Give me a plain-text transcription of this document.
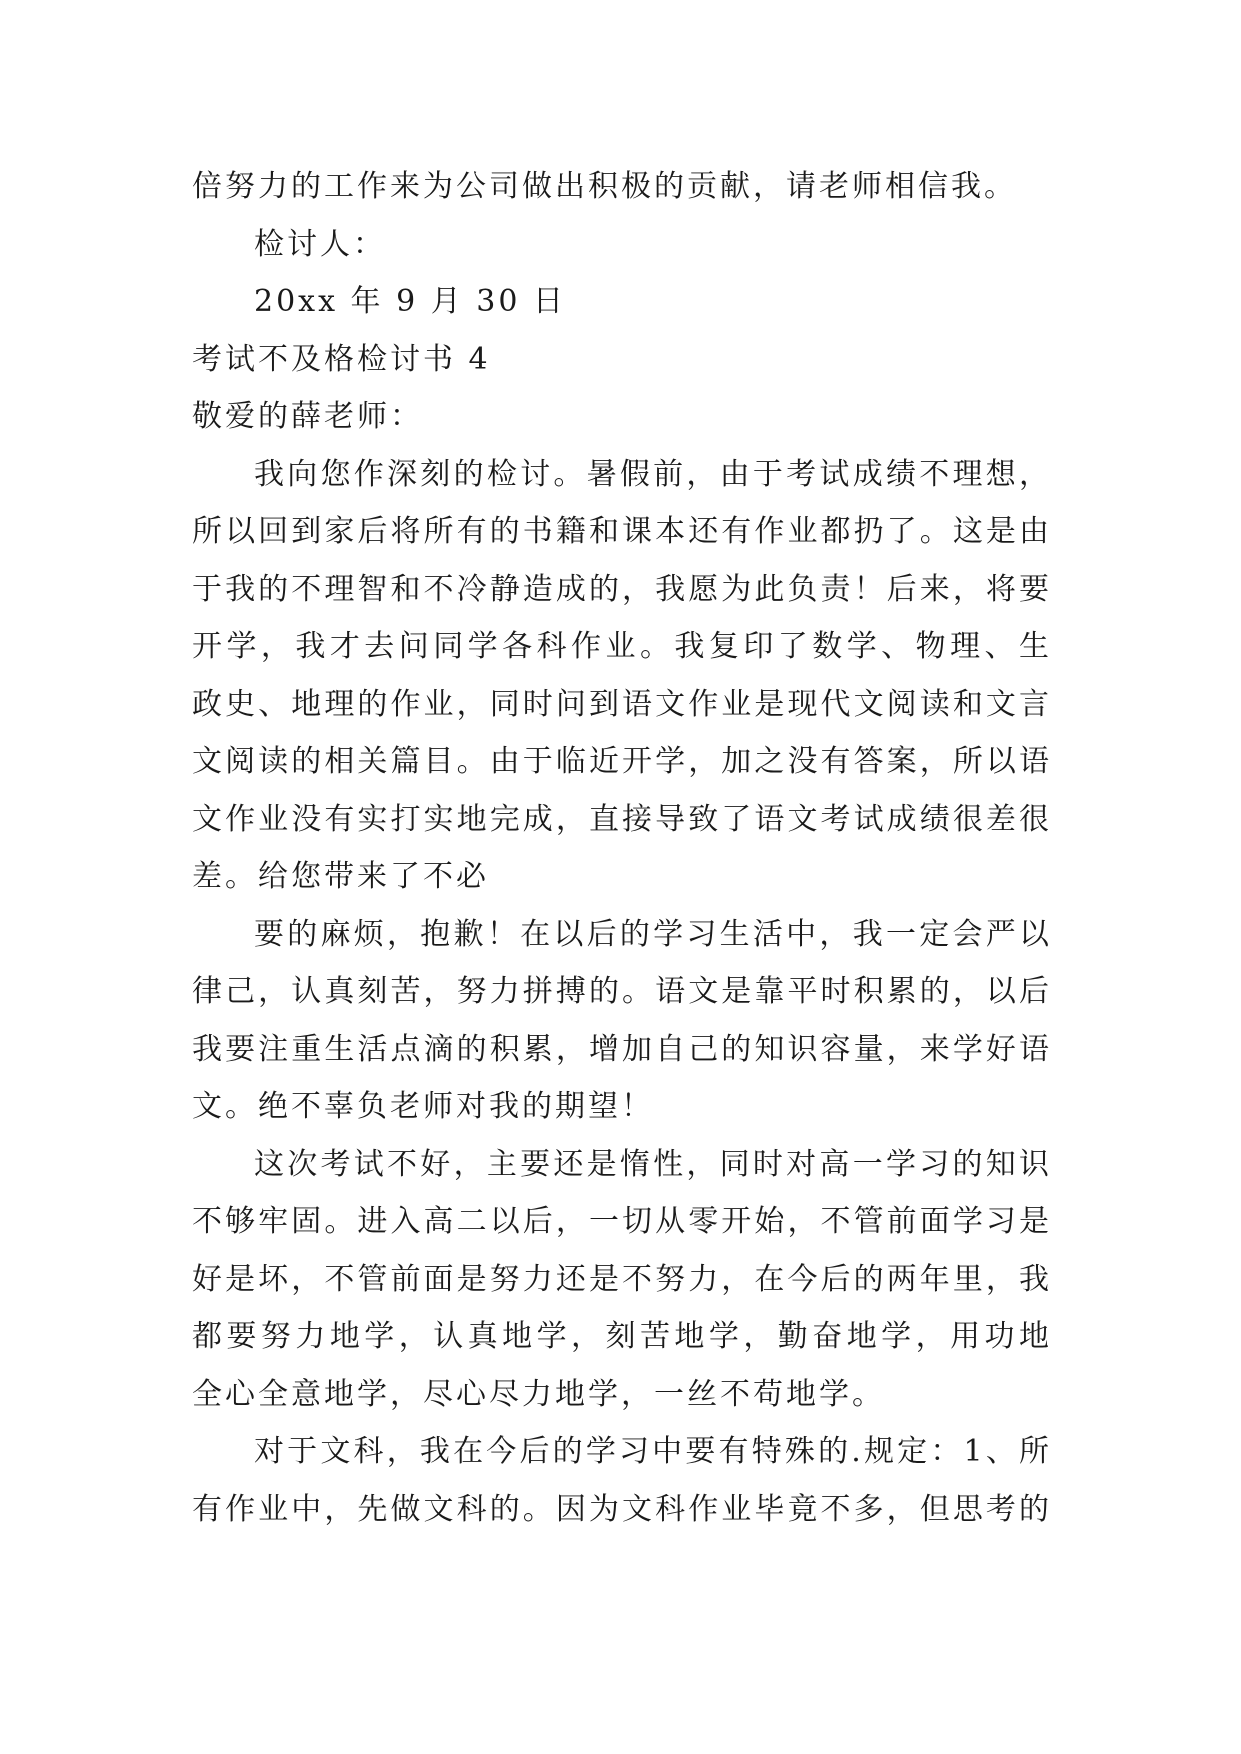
倍努力的工作来为公司做出积极的贡献，请老师相信我。
检讨人：
20xx 年 9 月 30 日
考试不及格检讨书 4
敬爱的薛老师：
我向您作深刻的检讨。暑假前，由于考试成绩不理想，
所以回到家后将所有的书籍和课本还有作业都扔了。这是由
于我的不理智和不冷静造成的，我愿为此负责！后来，将要
开学，我才去问同学各科作业。我复印了数学、物理、生
政史、地理的作业，同时问到语文作业是现代文阅读和文言
文阅读的相关篇目。由于临近开学，加之没有答案，所以语
文作业没有实打实地完成，直接导致了语文考试成绩很差很
差。给您带来了不必
要的麻烦，抱歉！在以后的学习生活中，我一定会严以
律己，认真刻苦，努力拼搏的。语文是靠平时积累的，以后
我要注重生活点滴的积累，增加自己的知识容量，来学好语
文。绝不辜负老师对我的期望！
这次考试不好，主要还是惰性，同时对高一学习的知识
不够牢固。进入高二以后，一切从零开始，不管前面学习是
好是坏，不管前面是努力还是不努力，在今后的两年里，我
都要努力地学，认真地学，刻苦地学，勤奋地学，用功地
全心全意地学，尽心尽力地学，一丝不苟地学。
对于文科，我在今后的学习中要有特殊的.规定：1、所
有作业中，先做文科的。因为文科作业毕竟不多，但思考的
